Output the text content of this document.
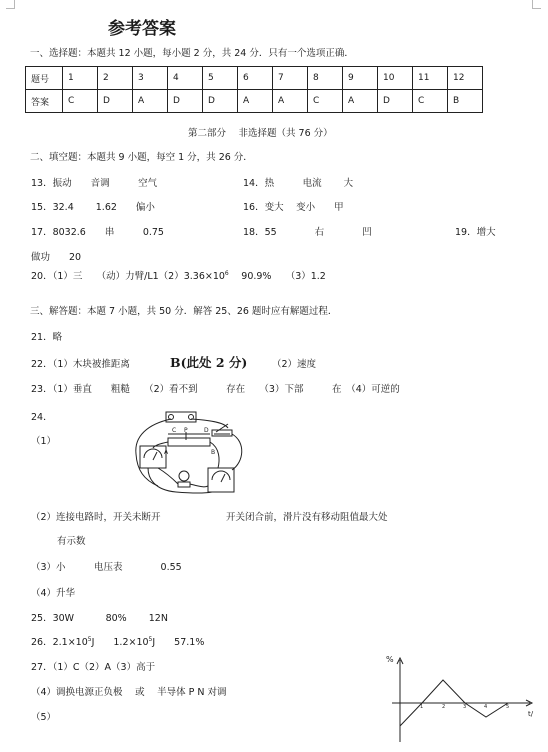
参考答案
一、选择题：本题共 12 小题，每小题 2 分，共 24 分．只有一个选项正确．
题号	1	2	3	4	5	6	7	8	9	10	11	12
答案	C	D	A	D	D	A	A	C	A	D	C	B
第二部分　 非选择题（共 76 分）
二、填空题：本题共 9 小题，每空 1 分，共 26 分．
13．振动　　音调　　　空气	14．热　　　电流　　 大
15．32.4　　 1.62　　偏小	16．变大　 变小　　甲
17．8032.6　　串　　　0.75	18．55　　　　右　　　　凹	19．增大
做功　　20
20．（1）三　　（动）力臂$/L1(2)3.36\times 10^6$　 90.9%　　（3）1.2
三、解答题：本题 7 小题，共 50 分．解答 25、26 题时应有解题过程．
21．略
22．（1）木块被推距离	B(此处 2 分)	（2）速度
23．（1）垂直　　粗糙　　（2）看不到　　　存在　　（3）下部　　　在　（4）可逆的
24．
（1）
P
C	D
A	B
（2）连接电路时，开关未断开	开关闭合前，滑片没有移动阻值最大处
有示数
（3）小　　　电压表　　　　0.55
（4）升华
25．30W　　　 80%　　 12N
26．$2.1\times 10^5J$　　$1.2\times 10^5J$　　57.1%
27．（1）C（2）A（3）高于
（4）调换电源正负极　 或　 半导体 P N 对调
（5）
%
t/
1	2	3	4	5
